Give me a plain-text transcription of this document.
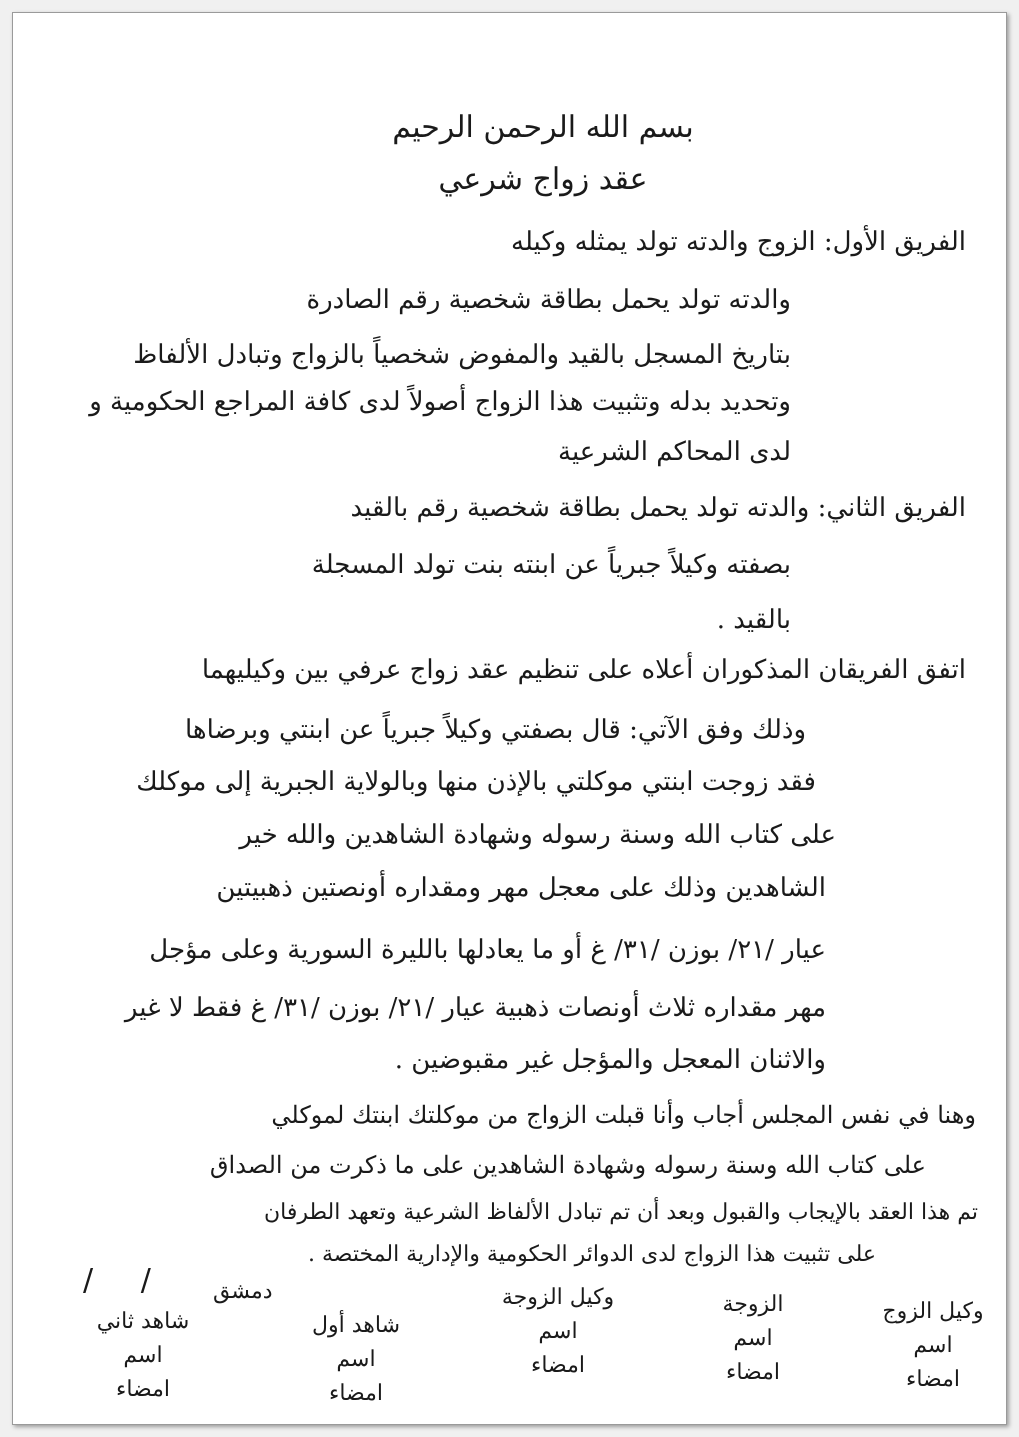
بسم الله الرحمن الرحيم
عقد زواج شرعي
الفريق الأول: الزوج والدته تولد يمثله وكيله
والدته تولد يحمل بطاقة شخصية رقم الصادرة
بتاريخ المسجل بالقيد والمفوض شخصياً بالزواج وتبادل الألفاظ
وتحديد بدله وتثبيت هذا الزواج أصولاً لدى كافة المراجع الحكومية و
لدى المحاكم الشرعية
الفريق الثاني: والدته تولد يحمل بطاقة شخصية رقم بالقيد
بصفته وكيلاً جبرياً عن ابنته بنت تولد المسجلة
بالقيد .
اتفق الفريقان المذكوران أعلاه على تنظيم عقد زواج عرفي بين وكيليهما
وذلك وفق الآتي: قال بصفتي وكيلاً جبرياً عن ابنتي وبرضاها
فقد زوجت ابنتي موكلتي بالإذن منها وبالولاية الجبرية إلى موكلك
على كتاب الله وسنة رسوله وشهادة الشاهدين والله خير
الشاهدين وذلك على معجل مهر ومقداره أونصتين ذهبيتين
عيار /٢١/ بوزن /٣١/ غ أو ما يعادلها بالليرة السورية وعلى مؤجل
مهر مقداره ثلاث أونصات ذهبية عيار /٢١/ بوزن /٣١/ غ فقط لا غير
والاثنان المعجل والمؤجل غير مقبوضين .
وهنا في نفس المجلس أجاب وأنا قبلت الزواج من موكلتك ابنتك لموكلي
على كتاب الله وسنة رسوله وشهادة الشاهدين على ما ذكرت من الصداق
تم هذا العقد بالإيجاب والقبول وبعد أن تم تبادل الألفاظ الشرعية وتعهد الطرفان
على تثبيت هذا الزواج لدى الدوائر الحكومية والإدارية المختصة .
دمشق
/     /
وكيل الزوج
اسم
امضاء
الزوجة
اسم
امضاء
وكيل الزوجة
اسم
امضاء
شاهد أول
اسم
امضاء
شاهد ثاني
اسم
امضاء
